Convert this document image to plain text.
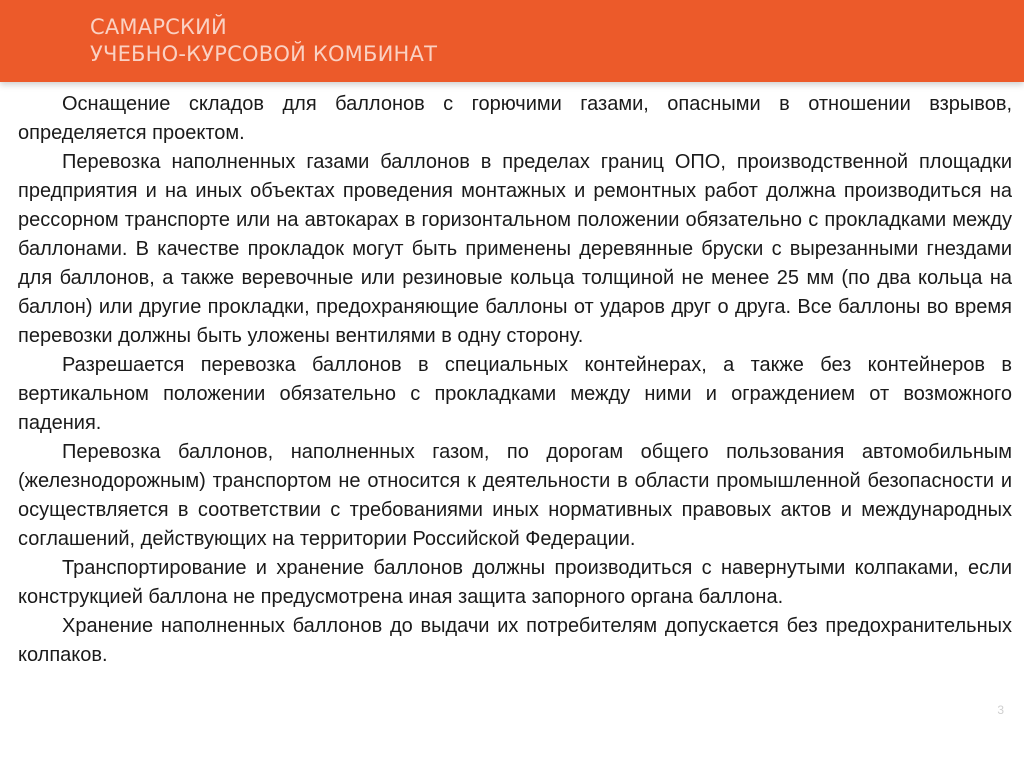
САМАРСКИЙ
УЧЕБНО-КУРСОВОЙ КОМБИНАТ

Оснащение складов для баллонов с горючими газами, опасными в отношении взрывов, определяется проектом.

Перевозка наполненных газами баллонов в пределах границ ОПО, производственной площадки предприятия и на иных объектах проведения монтажных и ремонтных работ должна производиться на рессорном транспорте или на автокарах в горизонтальном положении обязательно с прокладками между баллонами. В качестве прокладок могут быть применены деревянные бруски с вырезанными гнездами для баллонов, а также веревочные или резиновые кольца толщиной не менее 25 мм (по два кольца на баллон) или другие прокладки, предохраняющие баллоны от ударов друг о друга. Все баллоны во время перевозки должны быть уложены вентилями в одну сторону.

Разрешается перевозка баллонов в специальных контейнерах, а также без контейнеров в вертикальном положении обязательно с прокладками между ними и ограждением от возможного падения.

Перевозка баллонов, наполненных газом, по дорогам общего пользования автомобильным (железнодорожным) транспортом не относится к деятельности в области промышленной безопасности и осуществляется в соответствии с требованиями иных нормативных правовых актов и международных соглашений, действующих на территории Российской Федерации.

Транспортирование и хранение баллонов должны производиться с навернутыми колпаками, если конструкцией баллона не предусмотрена иная защита запорного органа баллона.

Хранение наполненных баллонов до выдачи их потребителям допускается без предохранительных колпаков.

3
